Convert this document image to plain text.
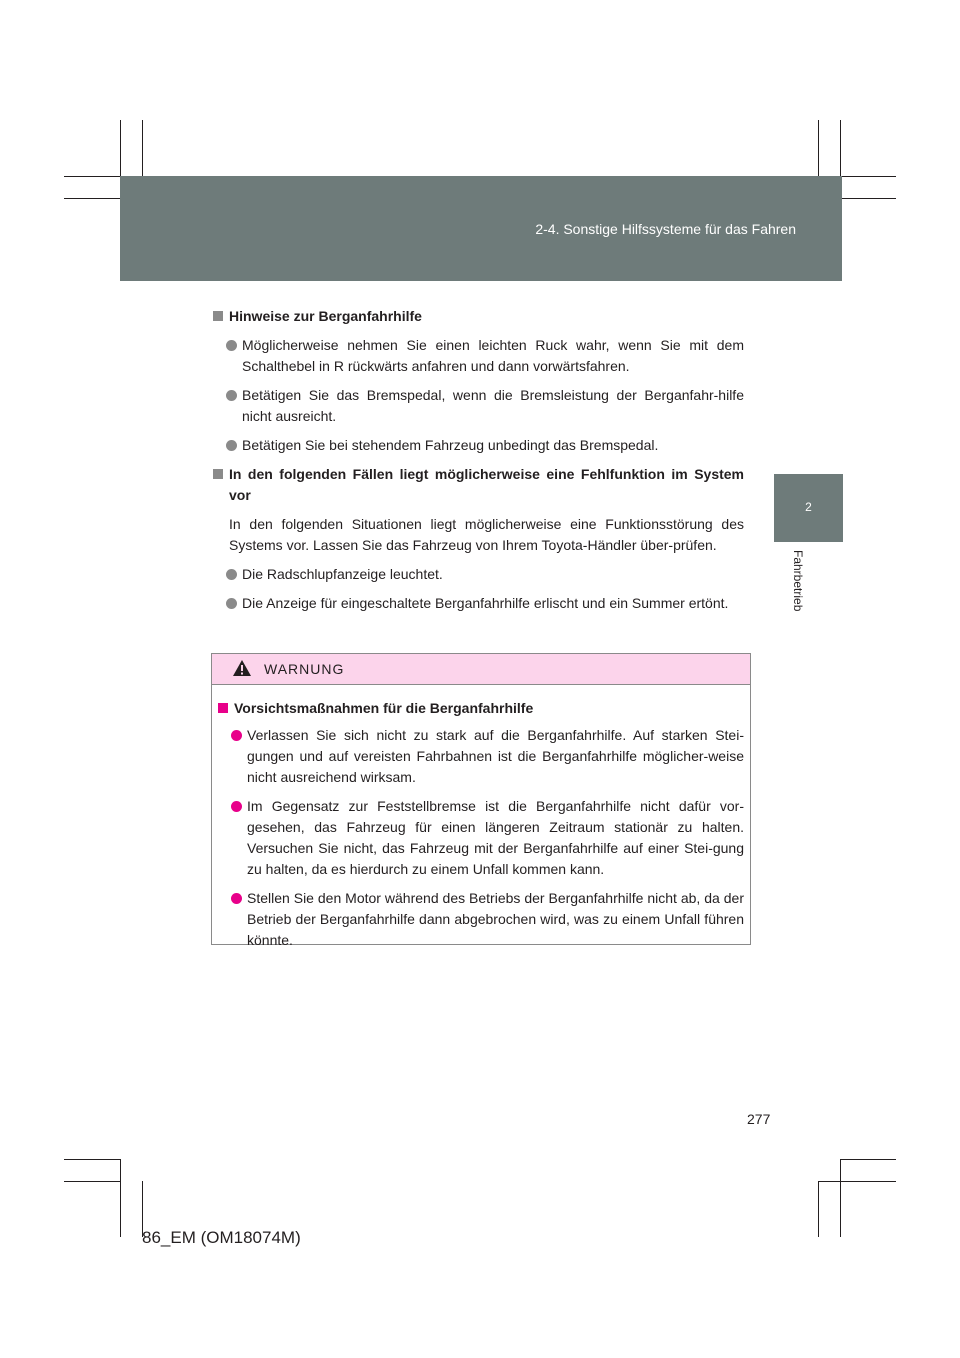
2-4. Sonstige Hilfssysteme für das Fahren
2
Fahrbetrieb
Hinweise zur Berganfahrhilfe
Möglicherweise nehmen Sie einen leichten Ruck wahr, wenn Sie mit dem Schalthebel in R rückwärts anfahren und dann vorwärtsfahren.
Betätigen Sie das Bremspedal, wenn die Bremsleistung der Berganfahr-hilfe nicht ausreicht.
Betätigen Sie bei stehendem Fahrzeug unbedingt das Bremspedal.
In den folgenden Fällen liegt möglicherweise eine Fehlfunktion im System vor
In den folgenden Situationen liegt möglicherweise eine Funktionsstörung des Systems vor. Lassen Sie das Fahrzeug von Ihrem Toyota-Händler über-prüfen.
Die Radschlupfanzeige leuchtet.
Die Anzeige für eingeschaltete Berganfahrhilfe erlischt und ein Summer ertönt.
WARNUNG
Vorsichtsmaßnahmen für die Berganfahrhilfe
Verlassen Sie sich nicht zu stark auf die Berganfahrhilfe. Auf starken Stei-gungen und auf vereisten Fahrbahnen ist die Berganfahrhilfe möglicher-weise nicht ausreichend wirksam.
Im Gegensatz zur Feststellbremse ist die Berganfahrhilfe nicht dafür vor-gesehen, das Fahrzeug für einen längeren Zeitraum stationär zu halten. Versuchen Sie nicht, das Fahrzeug mit der Berganfahrhilfe auf einer Stei-gung zu halten, da es hierdurch zu einem Unfall kommen kann.
Stellen Sie den Motor während des Betriebs der Berganfahrhilfe nicht ab, da der Betrieb der Berganfahrhilfe dann abgebrochen wird, was zu einem Unfall führen könnte.
277
86_EM (OM18074M)
